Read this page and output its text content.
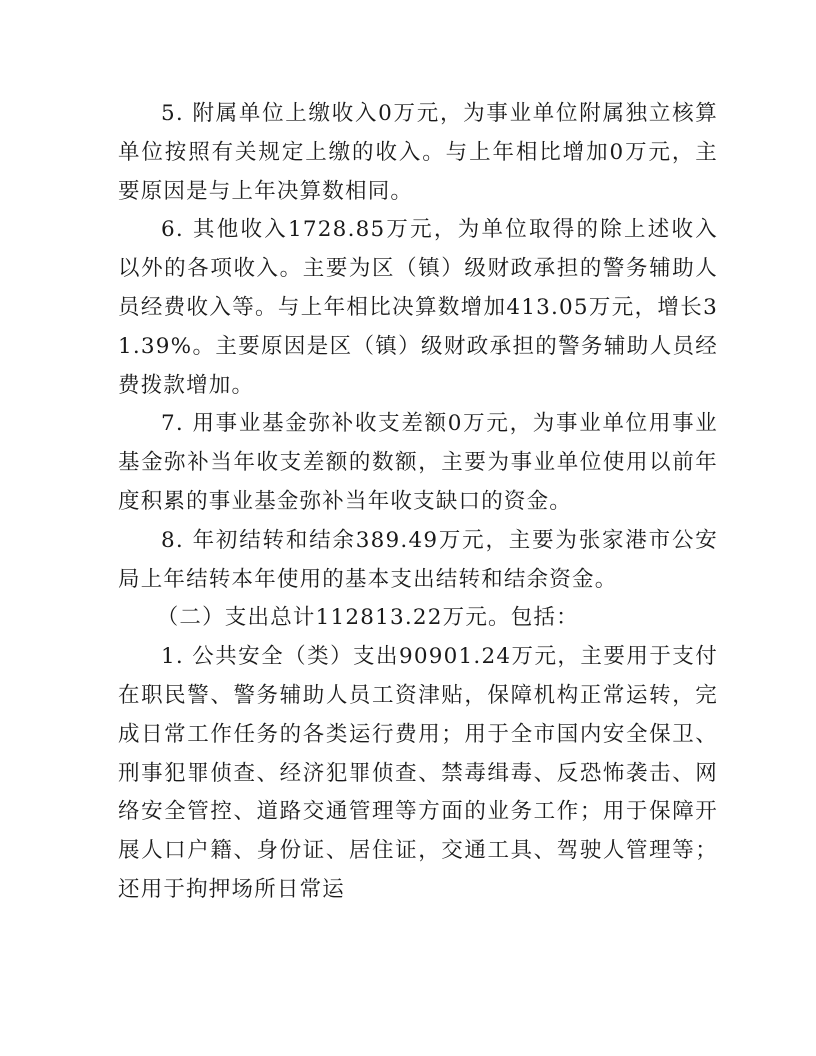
5. 附属单位上缴收入0万元，为事业单位附属独立核算单位按照有关规定上缴的收入。与上年相比增加0万元，主要原因是与上年决算数相同。

6. 其他收入1728.85万元，为单位取得的除上述收入以外的各项收入。主要为区（镇）级财政承担的警务辅助人员经费收入等。与上年相比决算数增加413.05万元，增长31.39%。主要原因是区（镇）级财政承担的警务辅助人员经费拨款增加。

7. 用事业基金弥补收支差额0万元，为事业单位用事业基金弥补当年收支差额的数额，主要为事业单位使用以前年度积累的事业基金弥补当年收支缺口的资金。

8. 年初结转和结余389.49万元，主要为张家港市公安局上年结转本年使用的基本支出结转和结余资金。

（二）支出总计112813.22万元。包括：

1. 公共安全（类）支出90901.24万元，主要用于支付在职民警、警务辅助人员工资津贴，保障机构正常运转，完成日常工作任务的各类运行费用；用于全市国内安全保卫、刑事犯罪侦查、经济犯罪侦查、禁毒缉毒、反恐怖袭击、网络安全管控、道路交通管理等方面的业务工作；用于保障开展人口户籍、身份证、居住证，交通工具、驾驶人管理等；还用于拘押场所日常运
